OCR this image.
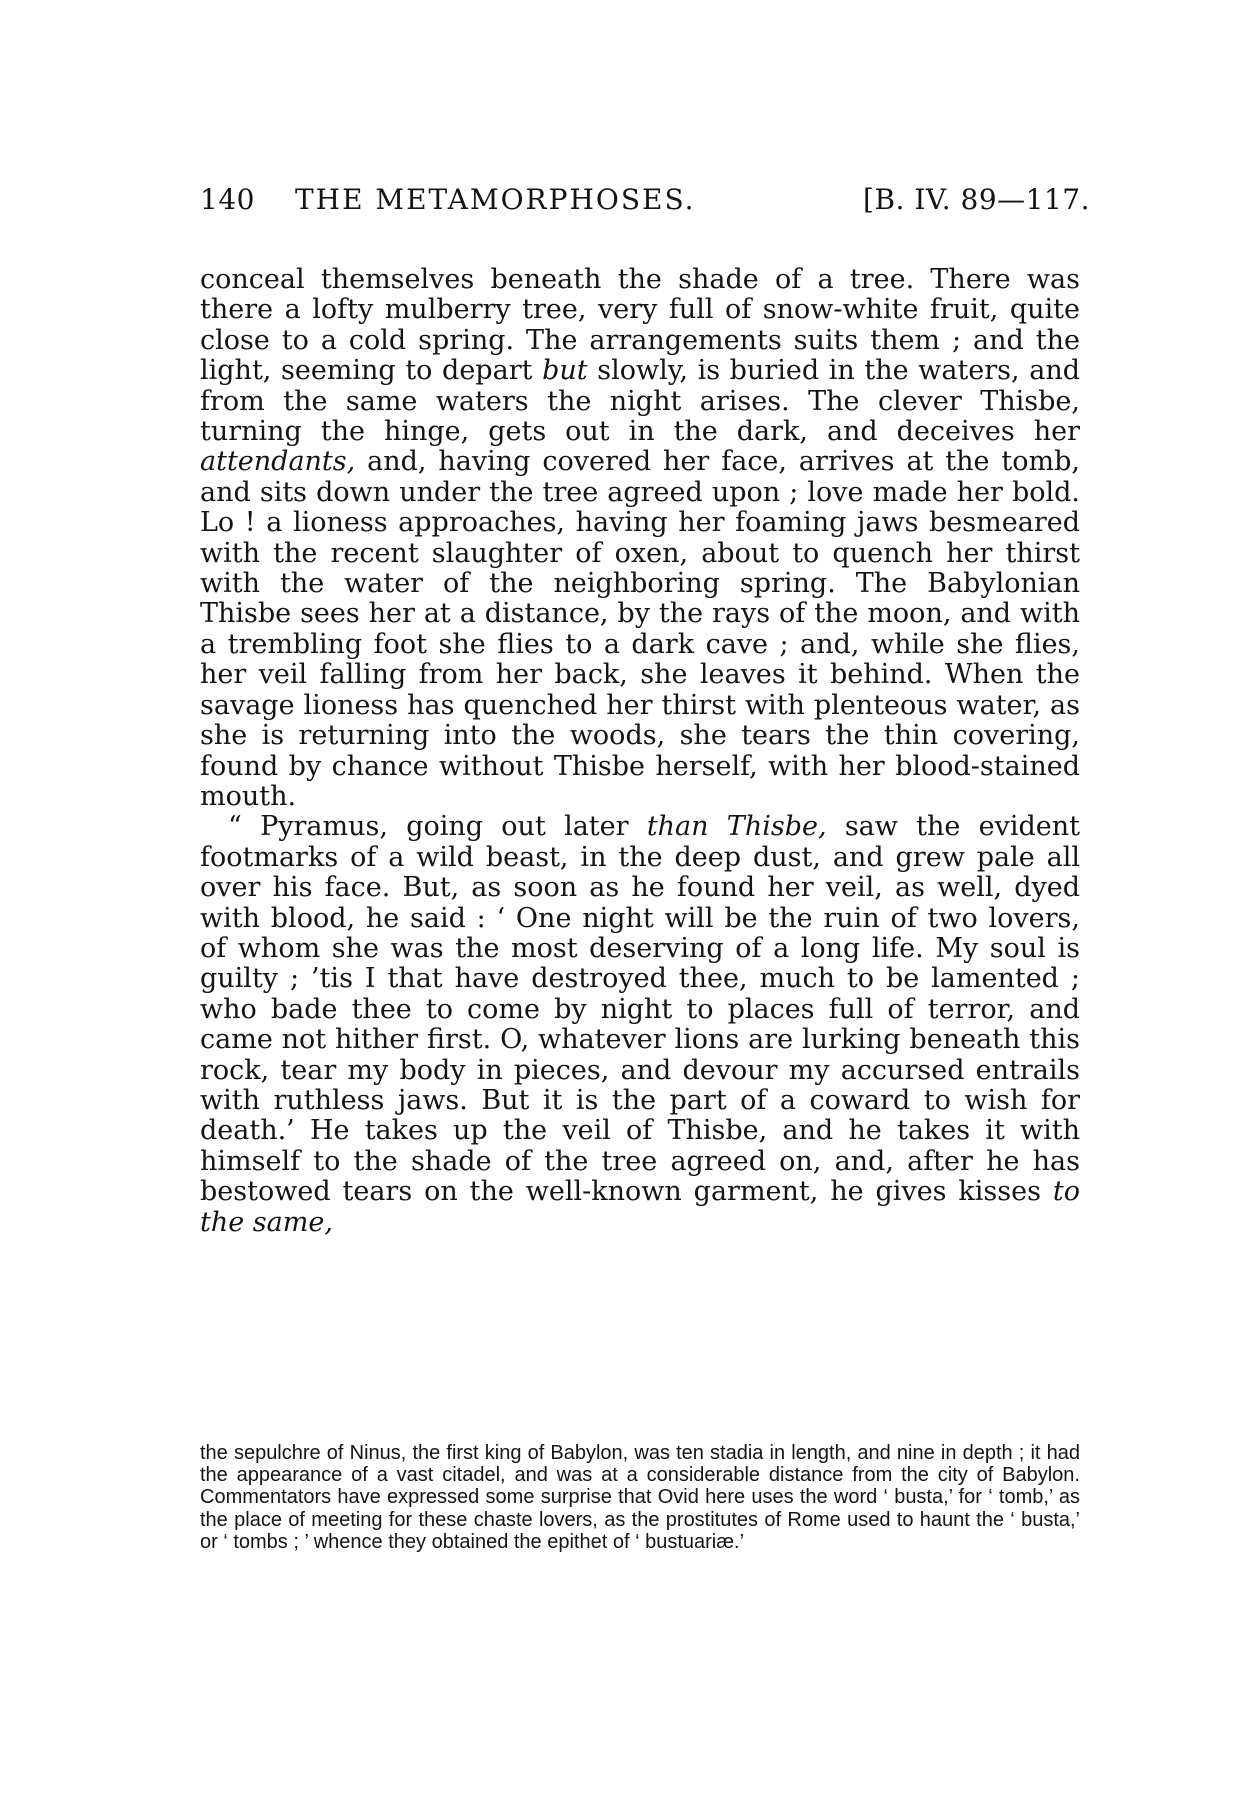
140 THE METAMORPHOSES.	[B. IV. 89—117.

conceal themselves beneath the shade of a tree. There was there a lofty mulberry tree, very full of snow-white fruit, quite close to a cold spring. The arrangements suits them ; and the light, seeming to depart but slowly, is buried in the waters, and from the same waters the night arises. The clever Thisbe, turning the hinge, gets out in the dark, and deceives her attendants, and, having covered her face, arrives at the tomb, and sits down under the tree agreed upon ; love made her bold. Lo ! a lioness approaches, having her foaming jaws besmeared with the recent slaughter of oxen, about to quench her thirst with the water of the neighboring spring. The Babylonian Thisbe sees her at a distance, by the rays of the moon, and with a trembling foot she flies to a dark cave ; and, while she flies, her veil falling from her back, she leaves it behind. When the savage lioness has quenched her thirst with plenteous water, as she is returning into the woods, she tears the thin covering, found by chance without Thisbe herself, with her blood-stained mouth.

“ Pyramus, going out later than Thisbe, saw the evident footmarks of a wild beast, in the deep dust, and grew pale all over his face. But, as soon as he found her veil, as well, dyed with blood, he said : ‘ One night will be the ruin of two lovers, of whom she was the most deserving of a long life. My soul is guilty ; ’tis I that have destroyed thee, much to be lamented ; who bade thee to come by night to places full of terror, and came not hither first. O, whatever lions are lurking beneath this rock, tear my body in pieces, and devour my accursed entrails with ruthless jaws. But it is the part of a coward to wish for death.’ He takes up the veil of Thisbe, and he takes it with himself to the shade of the tree agreed on, and, after he has bestowed tears on the well-known garment, he gives kisses to the same,

the sepulchre of Ninus, the first king of Babylon, was ten stadia in length, and nine in depth ; it had the appearance of a vast citadel, and was at a considerable distance from the city of Babylon. Commentators have expressed some surprise that Ovid here uses the word ‘ busta,’ for ‘ tomb,’ as the place of meeting for these chaste lovers, as the prostitutes of Rome used to haunt the ‘ busta,’ or ‘ tombs ; ’ whence they obtained the epithet of ‘ bustuariæ.’
